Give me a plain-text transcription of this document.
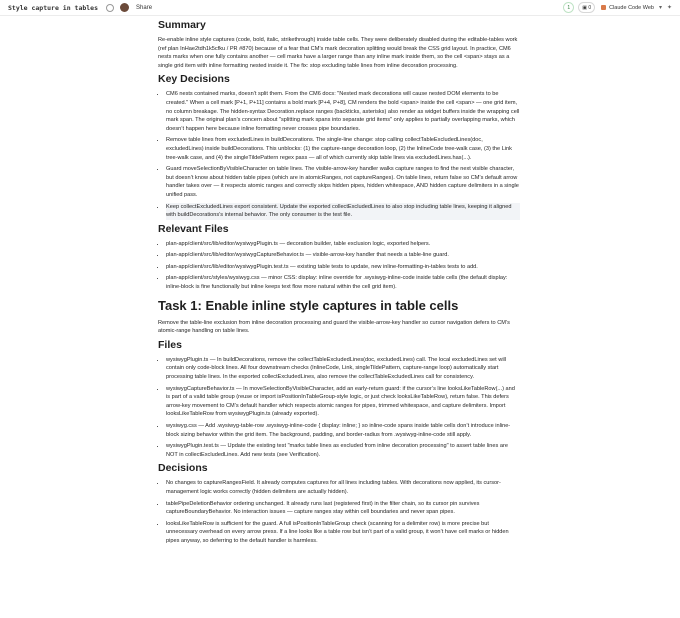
Style capture in tables	Share	1 ▣ 0	Claude Code Web ▾ ✦
Summary

Re-enable inline style captures (code, bold, italic, strikethrough) inside table cells. They were deliberately disabled during the editable-tables work (ref plan InHae2tdh1k5cfku / PR #870) because of a fear that CM’s mark decoration splitting would break the CSS grid layout. In practice, CM6 nests marks when one fully contains another — cell marks have a larger range than any inline mark inside them, so the cell <span> stays as a single grid item with inline formatting nested inside it. The fix: stop excluding table lines from inline decoration processing.

Key Decisions
• CM6 nests contained marks, doesn’t split them. From the CM6 docs: "Nested mark decorations will cause nested DOM elements to be created." When a cell mark [P+1, P+11] contains a bold mark [P+4, P+8], CM renders the bold <span> inside the cell <span> — one grid item, no column breakage. The hidden-syntax Decoration.replace ranges (backticks, asterisks) also render as widget buffers inside the wrapping cell mark span. The original plan’s concern about "splitting mark spans into separate grid items" only applies to partially overlapping marks, which doesn’t happen here because inline formatting never crosses pipe boundaries.
• Remove table lines from excludedLines in buildDecorations. The single-line change: stop calling collectTableExcludedLines(doc, excludedLines) inside buildDecorations. This unblocks: (1) the capture-range decoration loop, (2) the InlineCode tree-walk case, (3) the Link tree-walk case, and (4) the singleTildePattern regex pass — all of which currently skip table lines via excludedLines.has(...).
• Guard moveSelectionByVisibleCharacter on table lines. The visible-arrow-key handler walks capture ranges to find the next visible character, but doesn’t know about hidden table pipes (which are in atomicRanges, not captureRanges). On table lines, return false so CM’s default arrow handler takes over — it respects atomic ranges and correctly skips hidden pipes, hidden whitespace, AND hidden capture delimiters in a single unified pass.
• Keep collectExcludedLines export consistent. Update the exported collectExcludedLines to also stop including table lines, keeping it aligned with buildDecorations’s internal behavior. The only consumer is the test file.
Relevant Files
• plan-app/client/src/lib/editor/wysiwygPlugin.ts — decoration builder, table exclusion logic, exported helpers.
• plan-app/client/src/lib/editor/wysiwygCaptureBehavior.ts — visible-arrow-key handler that needs a table-line guard.
• plan-app/client/src/lib/editor/wysiwygPlugin.test.ts — existing table tests to update, new inline-formatting-in-tables tests to add.
• plan-app/client/src/styles/wysiwyg.css — minor CSS: display: inline override for .wysiwyg-inline-code inside table cells (the default display: inline-block is fine functionally but inline keeps text flow more natural within the cell grid item).
Task 1: Enable inline style captures in table cells

Remove the table-line exclusion from inline decoration processing and guard the visible-arrow-key handler so cursor navigation defers to CM’s atomic-range handling on table lines.

Files
• wysiwygPlugin.ts — In buildDecorations, remove the collectTableExcludedLines(doc, excludedLines) call. The local excludedLines set will contain only code-block lines. All four downstream checks (InlineCode, Link, singleTildePattern, capture-range loop) automatically start processing table lines. In the exported collectExcludedLines, also remove the collectTableExcludedLines call for consistency.
• wysiwygCaptureBehavior.ts — In moveSelectionByVisibleCharacter, add an early-return guard: if the cursor’s line looksLikeTableRow(...) and is part of a valid table group (reuse or import isPositionInTableGroup-style logic, or just check looksLikeTableRow), return false. This defers arrow-key movement to CM’s default handler which respects atomic ranges for pipes, trimmed whitespace, and capture delimiters. Import looksLikeTableRow from wysiwygPlugin.ts (already exported).
• wysiwyg.css — Add .wysiwyg-table-row .wysiwyg-inline-code { display: inline; } so inline-code spans inside table cells don’t introduce inline-block sizing behavior within the grid item. The background, padding, and border-radius from .wysiwyg-inline-code still apply.
• wysiwygPlugin.test.ts — Update the existing test "marks table lines as excluded from inline decoration processing" to assert table lines are NOT in collectExcludedLines. Add new tests (see Verification).
Decisions
• No changes to captureRangesField. It already computes captures for all lines including tables. With decorations now applied, its cursor-management logic works correctly (hidden delimiters are actually hidden).
• tablePipeDeletionBehavior ordering unchanged. It already runs last (registered first) in the filter chain, so its cursor pin survives captureBoundaryBehavior. No interaction issues — capture ranges stay within cell boundaries and never span pipes.
• looksLikeTableRow is sufficient for the guard. A full isPositionInTableGroup check (scanning for a delimiter row) is more precise but unnecessary overhead on every arrow press. If a line looks like a table row but isn’t part of a valid group, it won’t have cell marks or hidden pipes anyway, so deferring to the default handler is harmless.
